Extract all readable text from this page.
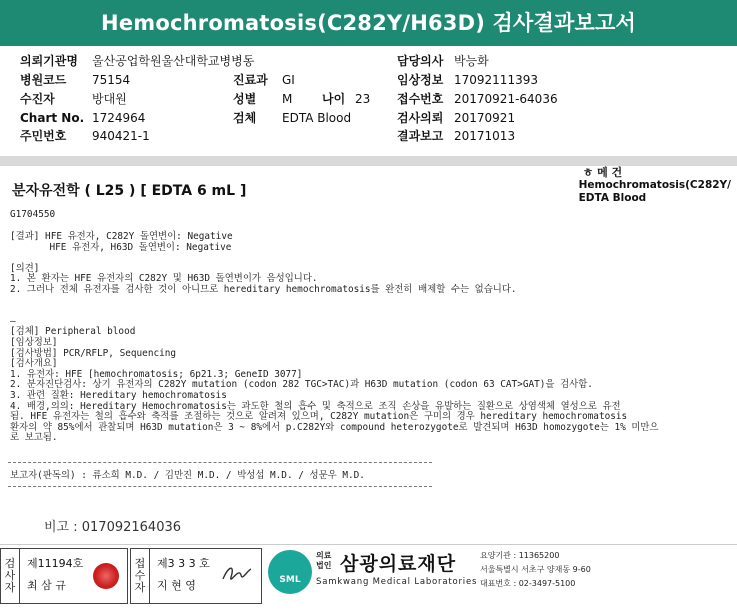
Hemochromatosis(C282Y/H63D) 검사결과보고서
의뢰기관명 울산공업학원울산대학교병병동
병원코드 75154
수진자	방대원
Chart No. 1724964
주민번호 940421-1
진료과 GI
성별 M 나이 23
검체 EDTA Blood
담당의사 박능화
임상정보 17092111393
접수번호 20170921-64036
검사의뢰 20170921
결과보고 20171013
ㅎ 메 건
Hemochromatosis(C282Y/
EDTA Blood
분자유전학 ( L25 ) [ EDTA 6 mL ]
G1704550
[결과] HFE 유전자, C282Y 돌연변이: Negative
HFE 유전자, H63D 돌연변이: Negative
[의견]
1. 본 환자는 HFE 유전자의 C282Y 및 H63D 돌연변이가 음성입니다.
2. 그러나 전체 유전자를 검사한 것이 아니므로 hereditary hemochromatosis를 완전히 배제할 수는 없습니다.
—
[검체] Peripheral blood
[임상정보]
[검사방법] PCR/RFLP, Sequencing
[검사개요]
1. 유전자: HFE [hemochromatosis; 6p21.3; GeneID 3077]
2. 분자진단검사: 상기 유전자의 C282Y mutation (codon 282 TGC>TAC)과 H63D mutation (codon 63 CAT>GAT)을 검사함.
3. 관련 질환: Hereditary hemochromatosis
4. 배경,의의: Hereditary Hemochromatosis는 과도한 철의 흡수 및 축적으로 조직 손상을 유발하는 질환으로 상염색체 열성으로 유전
됨. HFE 유전자는 철의 흡수와 축적를 조절하는 것으로 알려져 있으며, C282Y mutation은 구미의 경우 hereditary hemochromatosis
환자의 약 85%에서 관찰되며 H63D mutation은 3 ~ 8%에서 p.C282Y와 compound heterozygote로 발견되며 H63D homozygote는 1% 미만으
로 보고됨.
보고자(판독의) : 류소희 M.D. / 김만진 M.D. / 박성섭 M.D. / 성문우 M.D.
비고 : 017092164036
검
사
자
제11194호
최 삼 규
접
수
자
제3 3 3 호
지 현 영	SML
의료
법인 삼광의료재단
Samkwang Medical Laboratories
요양기관 : 11365200
서울특별시 서초구 양재동 9-60
대표번호 : 02-3497-5100
